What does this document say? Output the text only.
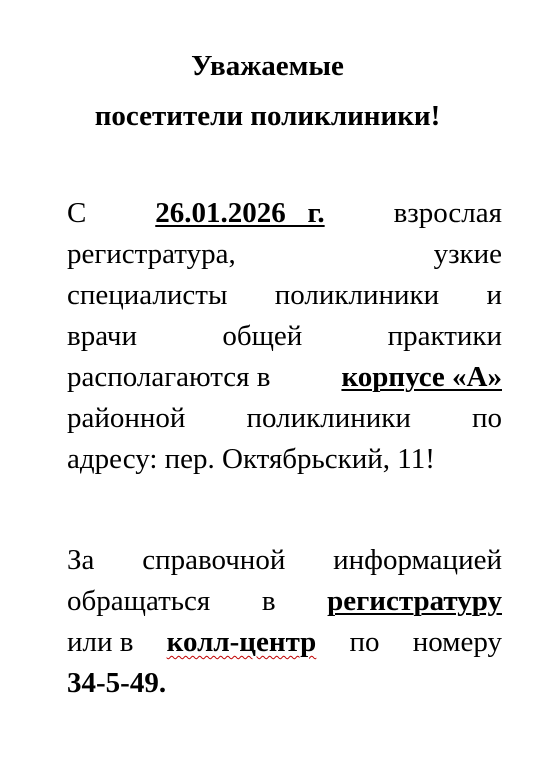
Уважаемые
посетители поликлиники!
С 26.01.2026   г. взрослая
регистратура,	узкие
специалисты поликлиники и
врачи	общей	практики
располагаются в корпусе «А»
районной поликлиники по
адресу: пер. Октябрьский, 11!
За справочной информацией
обращаться в регистратуру
или в колл-центр по номеру
34-5-49.
